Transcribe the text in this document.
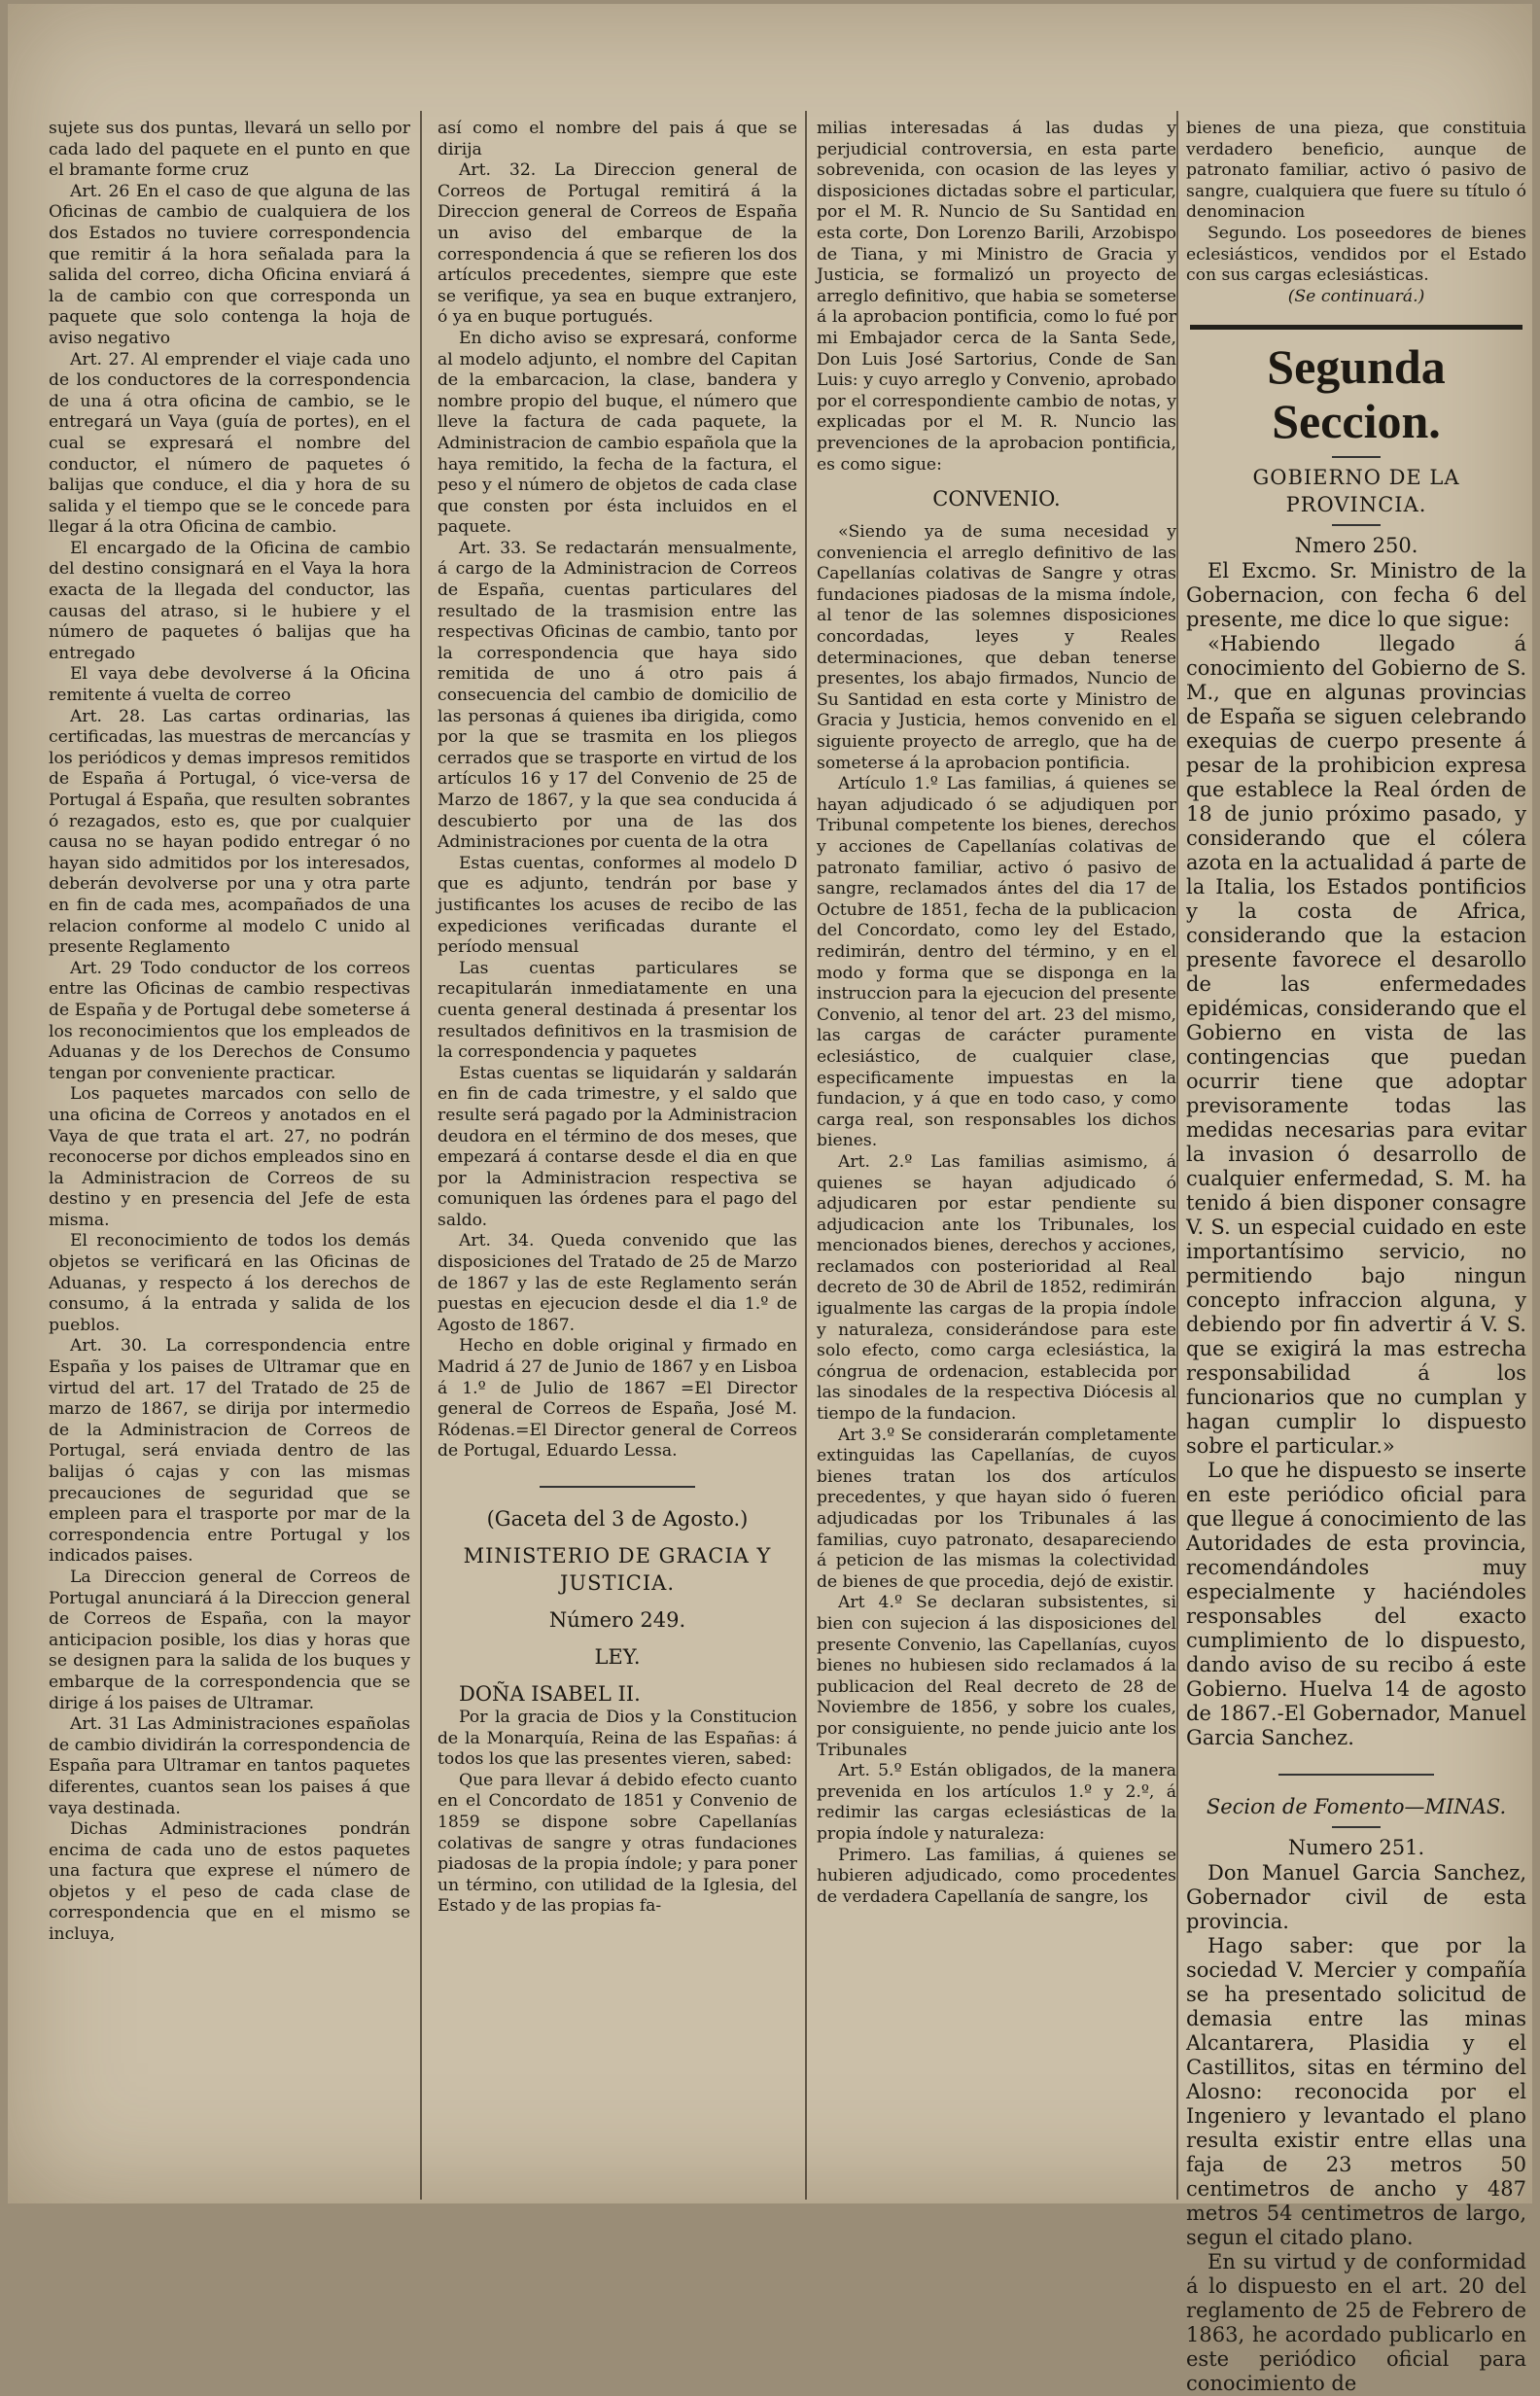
sujete sus dos puntas, llevará un sello por cada lado del paquete en el punto en que el bramante forme cruz

Art. 26 En el caso de que alguna de las Oficinas de cambio de cualquiera de los dos Estados no tuviere correspondencia que remitir á la hora señalada para la salida del correo, dicha Oficina enviará á la de cambio con que corresponda un paquete que solo contenga la hoja de aviso negativo

Art. 27. Al emprender el viaje cada uno de los conductores de la correspondencia de una á otra oficina de cambio, se le entregará un Vaya (guía de portes), en el cual se expresará el nombre del conductor, el número de paquetes ó balijas que conduce, el dia y hora de su salida y el tiempo que se le concede para llegar á la otra Oficina de cambio.

El encargado de la Oficina de cambio del destino consignará en el Vaya la hora exacta de la llegada del conductor, las causas del atraso, si le hubiere y el número de paquetes ó balijas que ha entregado

El vaya debe devolverse á la Oficina remitente á vuelta de correo

Art. 28. Las cartas ordinarias, las certificadas, las muestras de mercancías y los periódicos y demas impresos remitidos de España á Portugal, ó vice-versa de Portugal á España, que resulten sobrantes ó rezagados, esto es, que por cualquier causa no se hayan podido entregar ó no hayan sido admitidos por los interesados, deberán devolverse por una y otra parte en fin de cada mes, acompañados de una relacion conforme al modelo C unido al presente Reglamento

Art. 29 Todo conductor de los correos entre las Oficinas de cambio respectivas de España y de Portugal debe someterse á los reconocimientos que los empleados de Aduanas y de los Derechos de Consumo tengan por conveniente practicar.

Los paquetes marcados con sello de una oficina de Correos y anotados en el Vaya de que trata el art. 27, no podrán reconocerse por dichos empleados sino en la Administracion de Correos de su destino y en presencia del Jefe de esta misma.

El reconocimiento de todos los demás objetos se verificará en las Oficinas de Aduanas, y respecto á los derechos de consumo, á la entrada y salida de los pueblos.

Art. 30. La correspondencia entre España y los paises de Ultramar que en virtud del art. 17 del Tratado de 25 de marzo de 1867, se dirija por intermedio de la Administracion de Correos de Portugal, será enviada dentro de las balijas ó cajas y con las mismas precauciones de seguridad que se empleen para el trasporte por mar de la correspondencia entre Portugal y los indicados paises.

La Direccion general de Correos de Portugal anunciará á la Direccion general de Correos de España, con la mayor anticipacion posible, los dias y horas que se designen para la salida de los buques y embarque de la correspondencia que se dirige á los paises de Ultramar.

Art. 31 Las Administraciones españolas de cambio dividirán la correspondencia de España para Ultramar en tantos paquetes diferentes, cuantos sean los paises á que vaya destinada.

Dichas Administraciones pondrán encima de cada uno de estos paquetes una factura que exprese el número de objetos y el peso de cada clase de correspondencia que en el mismo se incluya,

así como el nombre del pais á que se dirija

Art. 32. La Direccion general de Correos de Portugal remitirá á la Direccion general de Correos de España un aviso del embarque de la correspondencia á que se refieren los dos artículos precedentes, siempre que este se verifique, ya sea en buque extranjero, ó ya en buque portugués.

En dicho aviso se expresará, conforme al modelo adjunto, el nombre del Capitan de la embarcacion, la clase, bandera y nombre propio del buque, el número que lleve la factura de cada paquete, la Administracion de cambio española que la haya remitido, la fecha de la factura, el peso y el número de objetos de cada clase que consten por ésta incluidos en el paquete.

Art. 33. Se redactarán mensualmente, á cargo de la Administracion de Correos de España, cuentas particulares del resultado de la trasmision entre las respectivas Oficinas de cambio, tanto por la correspondencia que haya sido remitida de uno á otro pais á consecuencia del cambio de domicilio de las personas á quienes iba dirigida, como por la que se trasmita en los pliegos cerrados que se trasporte en virtud de los artículos 16 y 17 del Convenio de 25 de Marzo de 1867, y la que sea conducida á descubierto por una de las dos Administraciones por cuenta de la otra

Estas cuentas, conformes al modelo D que es adjunto, tendrán por base y justificantes los acuses de recibo de las expediciones verificadas durante el período mensual

Las cuentas particulares se recapitularán inmediatamente en una cuenta general destinada á presentar los resultados definitivos en la trasmision de la correspondencia y paquetes

Estas cuentas se liquidarán y saldarán en fin de cada trimestre, y el saldo que resulte será pagado por la Administracion deudora en el término de dos meses, que empezará á contarse desde el dia en que por la Administracion respectiva se comuniquen las órdenes para el pago del saldo.

Art. 34. Queda convenido que las disposiciones del Tratado de 25 de Marzo de 1867 y las de este Reglamento serán puestas en ejecucion desde el dia 1.º de Agosto de 1867.

Hecho en doble original y firmado en Madrid á 27 de Junio de 1867 y en Lisboa á 1.º de Julio de 1867 =El Director general de Correos de España, José M. Ródenas.=El Director general de Correos de Portugal, Eduardo Lessa.

(Gaceta del 3 de Agosto.)

MINISTERIO DE GRACIA Y JUSTICIA.

Número 249.

LEY.

DOÑA ISABEL II.

Por la gracia de Dios y la Constitucion de la Monarquía, Reina de las Españas: á todos los que las presentes vieren, sabed:

Que para llevar á debido efecto cuanto en el Concordato de 1851 y Convenio de 1859 se dispone sobre Capellanías colativas de sangre y otras fundaciones piadosas de la propia índole; y para poner un término, con utilidad de la Iglesia, del Estado y de las propias fa-

milias interesadas á las dudas y perjudicial controversia, en esta parte sobrevenida, con ocasion de las leyes y disposiciones dictadas sobre el particular, por el M. R. Nuncio de Su Santidad en esta corte, Don Lorenzo Barili, Arzobispo de Tiana, y mi Ministro de Gracia y Justicia, se formalizó un proyecto de arreglo definitivo, que habia se someterse á la aprobacion pontificia, como lo fué por mi Embajador cerca de la Santa Sede, Don Luis José Sartorius, Conde de San Luis: y cuyo arreglo y Convenio, aprobado por el correspondiente cambio de notas, y explicadas por el M. R. Nuncio las prevenciones de la aprobacion pontificia, es como sigue:

CONVENIO.

«Siendo ya de suma necesidad y conveniencia el arreglo definitivo de las Capellanías colativas de Sangre y otras fundaciones piadosas de la misma índole, al tenor de las solemnes disposiciones concordadas, leyes y Reales determinaciones, que deban tenerse presentes, los abajo firmados, Nuncio de Su Santidad en esta corte y Ministro de Gracia y Justicia, hemos convenido en el siguiente proyecto de arreglo, que ha de someterse á la aprobacion pontificia.

Artículo 1.º Las familias, á quienes se hayan adjudicado ó se adjudiquen por Tribunal competente los bienes, derechos y acciones de Capellanías colativas de patronato familiar, activo ó pasivo de sangre, reclamados ántes del dia 17 de Octubre de 1851, fecha de la publicacion del Concordato, como ley del Estado, redimirán, dentro del término, y en el modo y forma que se disponga en la instruccion para la ejecucion del presente Convenio, al tenor del art. 23 del mismo, las cargas de carácter puramente eclesiástico, de cualquier clase, especificamente impuestas en la fundacion, y á que en todo caso, y como carga real, son responsables los dichos bienes.

Art. 2.º Las familias asimismo, á quienes se hayan adjudicado ó adjudicaren por estar pendiente su adjudicacion ante los Tribunales, los mencionados bienes, derechos y acciones, reclamados con posterioridad al Real decreto de 30 de Abril de 1852, redimirán igualmente las cargas de la propia índole y naturaleza, considerándose para este solo efecto, como carga eclesiástica, la cóngrua de ordenacion, establecida por las sinodales de la respectiva Diócesis al tiempo de la fundacion.

Art 3.º Se considerarán completamente extinguidas las Capellanías, de cuyos bienes tratan los dos artículos precedentes, y que hayan sido ó fueren adjudicadas por los Tribunales á las familias, cuyo patronato, desapareciendo á peticion de las mismas la colectividad de bienes de que procedia, dejó de existir.

Art 4.º Se declaran subsistentes, si bien con sujecion á las disposiciones del presente Convenio, las Capellanías, cuyos bienes no hubiesen sido reclamados á la publicacion del Real decreto de 28 de Noviembre de 1856, y sobre los cuales, por consiguiente, no pende juicio ante los Tribunales

Art. 5.º Están obligados, de la manera prevenida en los artículos 1.º y 2.º, á redimir las cargas eclesiásticas de la propia índole y naturaleza:

Primero. Las familias, á quienes se hubieren adjudicado, como procedentes de verdadera Capellanía de sangre, los

bienes de una pieza, que constituia verdadero beneficio, aunque de patronato familiar, activo ó pasivo de sangre, cualquiera que fuere su título ó denominacion

Segundo. Los poseedores de bienes eclesiásticos, vendidos por el Estado con sus cargas eclesiásticas.

(Se continuará.)

Segunda Seccion.

GOBIERNO DE LA PROVINCIA.

Nmero 250.

El Excmo. Sr. Ministro de la Gobernacion, con fecha 6 del presente, me dice lo que sigue:

«Habiendo llegado á conocimiento del Gobierno de S. M., que en algunas provincias de España se siguen celebrando exequias de cuerpo presente á pesar de la prohibicion expresa que establece la Real órden de 18 de junio próximo pasado, y considerando que el cólera azota en la actualidad á parte de la Italia, los Estados pontificios y la costa de Africa, considerando que la estacion presente favorece el desarollo de las enfermedades epidémicas, considerando que el Gobierno en vista de las contingencias que puedan ocurrir tiene que adoptar previsoramente todas las medidas necesarias para evitar la invasion ó desarrollo de cualquier enfermedad, S. M. ha tenido á bien disponer consagre V. S. un especial cuidado en este importantísimo servicio, no permitiendo bajo ningun concepto infraccion alguna, y debiendo por fin advertir á V. S. que se exigirá la mas estrecha responsabilidad á los funcionarios que no cumplan y hagan cumplir lo dispuesto sobre el particular.»

Lo que he dispuesto se inserte en este periódico oficial para que llegue á conocimiento de las Autoridades de esta provincia, recomendándoles muy especialmente y haciéndoles responsables del exacto cumplimiento de lo dispuesto, dando aviso de su recibo á este Gobierno. Huelva 14 de agosto de 1867.-El Gobernador, Manuel Garcia Sanchez.

Secion de Fomento—MINAS.

Numero 251.

Don Manuel Garcia Sanchez, Gobernador civil de esta provincia.

Hago saber: que por la sociedad V. Mercier y compañía se ha presentado solicitud de demasia entre las minas Alcantarera, Plasidia y el Castillitos, sitas en término del Alosno: reconocida por el Ingeniero y levantado el plano resulta existir entre ellas una faja de 23 metros 50 centimetros de ancho y 487 metros 54 centimetros de largo, segun el citado plano.

En su virtud y de conformidad á lo dispuesto en el art. 20 del reglamento de 25 de Febrero de 1863, he acordado publicarlo en este periódico oficial para conocimiento de
